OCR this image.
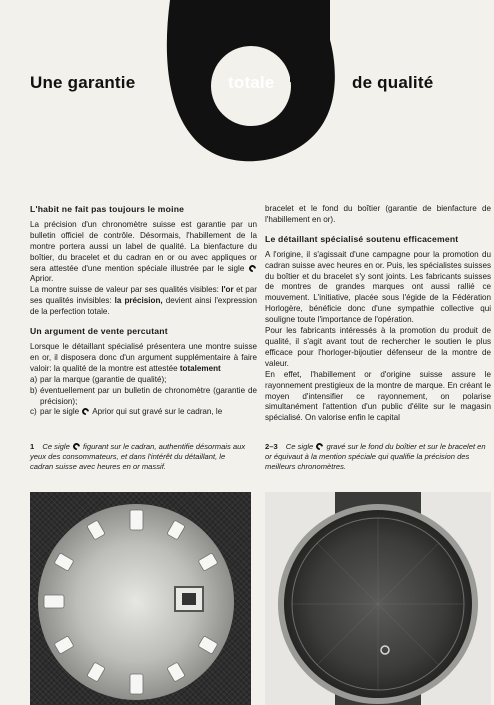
Une garantie	totale	de qualité
L'habit ne fait pas toujours le moine

La précision d'un chronomètre suisse est garantie par un bulletin officiel de contrôle. Désormais, l'habillement de la montre portera aussi un label de qualité. La bienfacture du boîtier, du bracelet et du cadran en or ou avec appliques or sera attestée d'une mention spéciale illustrée par le sigle  Aprior.

La montre suisse de valeur par ses qualités visibles: l'or et par ses qualités invisibles: la précision, devient ainsi l'expression de la perfection totale.

Un argument de vente percutant

Lorsque le détaillant spécialisé présentera une montre suisse en or, il disposera donc d'un argument supplémentaire à faire valoir: la qualité de la montre est attestée totalement

a) par la marque (garantie de qualité);
b) éventuellement par un bulletin de chronomètre (garantie de précision);
c) par le sigle Aprior qui sut gravé sur le cadran, le

bracelet et le fond du boîtier (garantie de bienfacture de l'habillement en or).

Le détaillant spécialisé soutenu efficacement

A l'origine, il s'agissait d'une campagne pour la promotion du cadran suisse avec heures en or. Puis, les spécialistes suisses du boîtier et du bracelet s'y sont joints. Les fabricants suisses de montres de grandes marques ont aussi rallié ce mouvement. L'initiative, placée sous l'égide de la Fédération Horlogère, bénéficie donc d'une sympathie collective qui souligne toute l'importance de l'opération.

Pour les fabricants intéressés à la promotion du produit de qualité, il s'agit avant tout de rechercher le soutien le plus efficace pour l'horloger-bijoutier défenseur de la montre de valeur.

En effet, l'habillement or d'origine suisse assure le rayonnement prestigieux de la montre de marque. En créant le moyen d'intensifier ce rayonnement, on polarise simultanément l'attention d'un public d'élite sur le magasin spécialisé. On valorise enfin le capital

1 Ce sigle figurant sur le cadran, authentifie désormais aux yeux des consommateurs, et dans l'intérêt du détaillant, le cadran suisse avec heures en or massif.
2–3 Ce sigle gravé sur le fond du boîtier et sur le bracelet en or équivaut à la mention spéciale qui qualifie la précision des meilleurs chronomètres.
